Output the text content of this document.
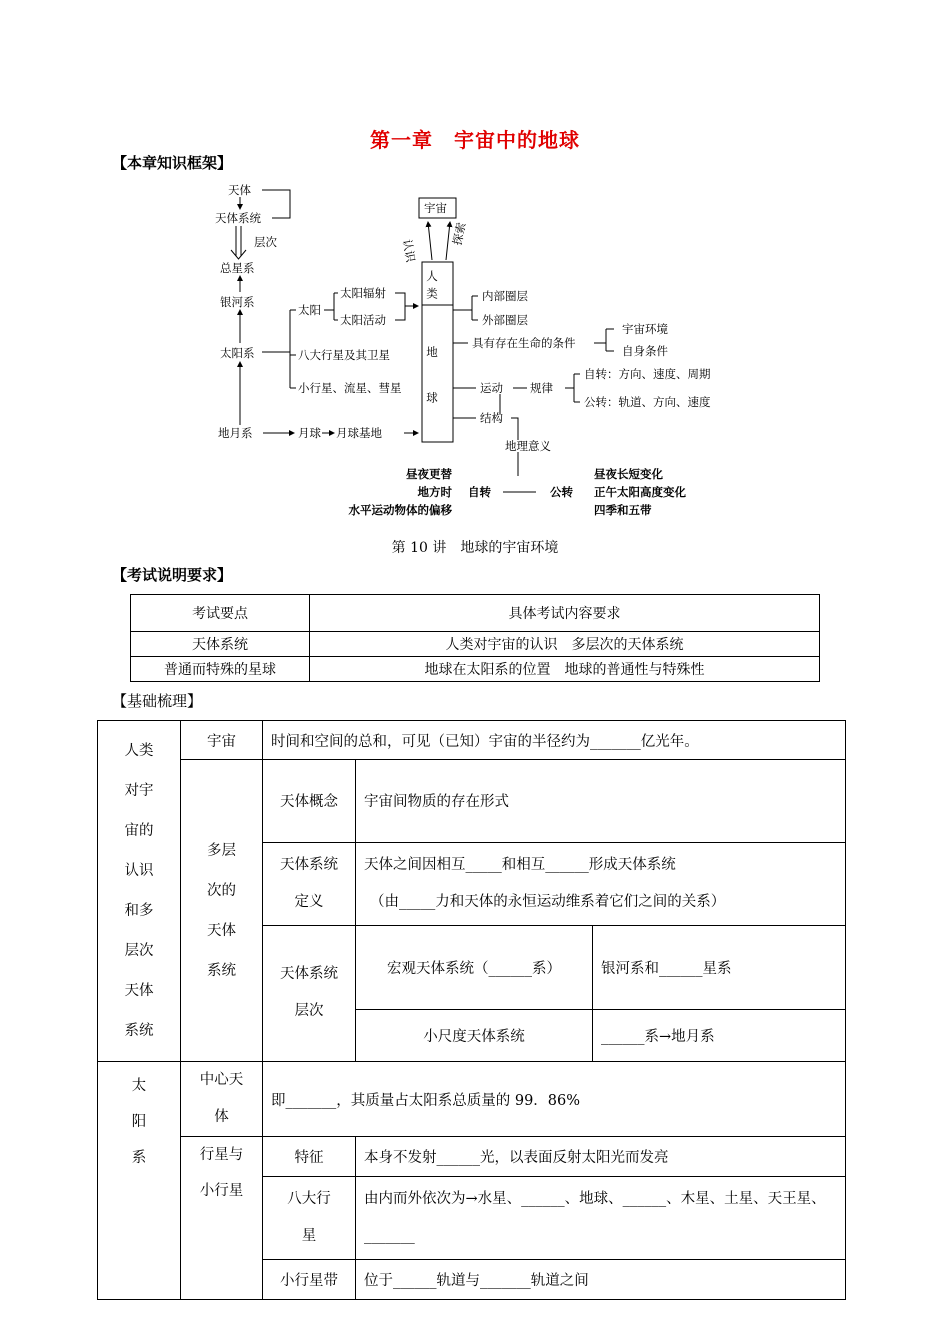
第一章　宇宙中的地球
【本章知识框架】
天体
天体系统
层次
总星系
银河系
太阳系
地月系
太阳
太阳辐射
太阳活动
八大行星及其卫星
小行星、流星、彗星
月球 月球基地
宇宙
认识
探索
人类
地球
内部圈层
外部圈层
具有存在生命的条件
宇宙环境
自身条件
运动 规律
自转：方向、速度、周期
公转：轨道、方向、速度
结构
地理意义
昼夜更替
地方时
水平运动物体的偏移
自转	公转
昼夜长短变化
正午太阳高度变化
四季和五带
第 10 讲　地球的宇宙环境
【考试说明要求】
考试要点	具体考试内容要求
天体系统	人类对宇宙的认识　多层次的天体系统
普通而特殊的星球	地球在太阳系的位置　地球的普通性与特殊性
【基础梳理】
人类对宇宙的认识和多层次天体系统	宇宙	时间和空间的总和，可见（已知）宇宙的半径约为_______亿光年。		
	多层次的天体系统	天体概念	宇宙间物质的存在形式	
		天体系统定义	天体之间因相互_____和相互______形成天体系统
（由_____力和天体的永恒运动维系着它们之间的关系）	

		天体系统层次	宏观天体系统（______系）	银河系和______星系
			小尺度天体系统	______系→地月系
太阳系	中心天体	即_______，其质量占太阳系总质量的 99．86%		
	行星与小行星	特征	本身不发射______光，以表面反射太阳光而发亮	
		八大行星	由内而外依次为→水星、______、地球、______、木星、土星、天王星、_______	
		小行星带	位于______轨道与_______轨道之间	
